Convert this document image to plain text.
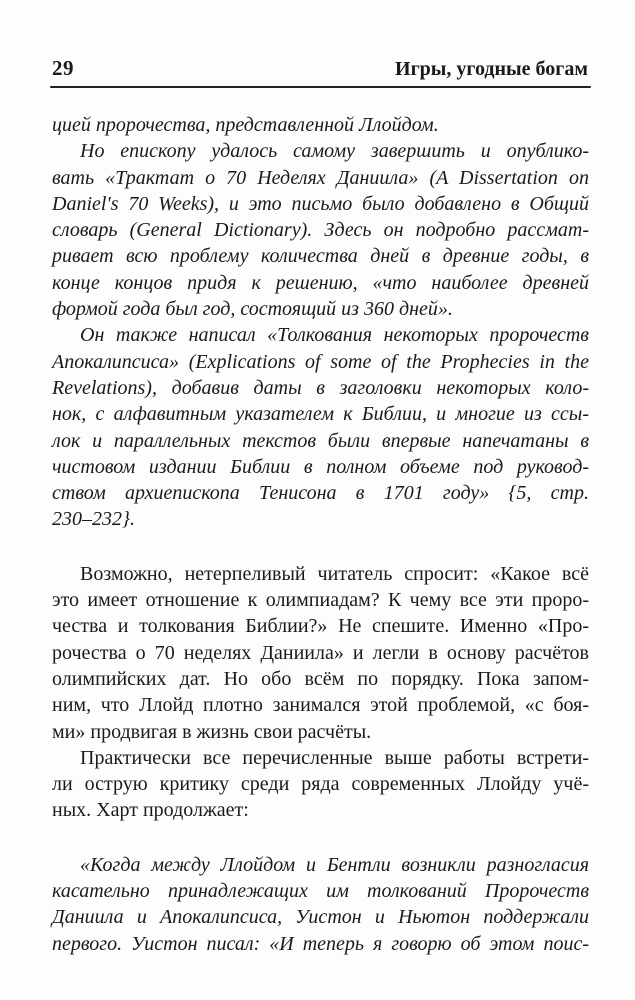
29	Игры, угодные богам
цией пророчества, представленной Ллойдом.
Но епископу удалось самому завершить и опублико-
вать «Трактат о 70 Неделях Даниила» (A Dissertation on
Daniel's 70 Weeks), и это письмо было добавлено в Общий
словарь (General Dictionary). Здесь он подробно рассмат-
ривает всю проблему количества дней в древние годы, в
конце концов придя к решению, «что наиболее древней
формой года был год, состоящий из 360 дней».
Он также написал «Толкования некоторых пророчеств
Апокалипсиса» (Explications of some of the Prophecies in the
Revelations), добавив даты в заголовки некоторых коло-
нок, с алфавитным указателем к Библии, и многие из ссы-
лок и параллельных текстов были впервые напечатаны в
чистовом издании Библии в полном объеме под руковод-
ством архиепископа Тенисона в 1701 году» {5, стр.
230–232}.
Возможно, нетерпеливый читатель спросит: «Какое всё
это имеет отношение к олимпиадам? К чему все эти проро-
чества и толкования Библии?» Не спешите. Именно «Про-
рочества о 70 неделях Даниила» и легли в основу расчётов
олимпийских дат. Но обо всём по порядку. Пока запом-
ним, что Ллойд плотно занимался этой проблемой, «с боя-
ми» продвигая в жизнь свои расчёты.
Практически все перечисленные выше работы встрети-
ли острую критику среди ряда современных Ллойду учё-
ных. Харт продолжает:
«Когда между Ллойдом и Бентли возникли разногласия
касательно принадлежащих им толкований Пророчеств
Даниила и Апокалипсиса, Уистон и Ньютон поддержали
первого. Уистон писал: «И теперь я говорю об этом поис-
